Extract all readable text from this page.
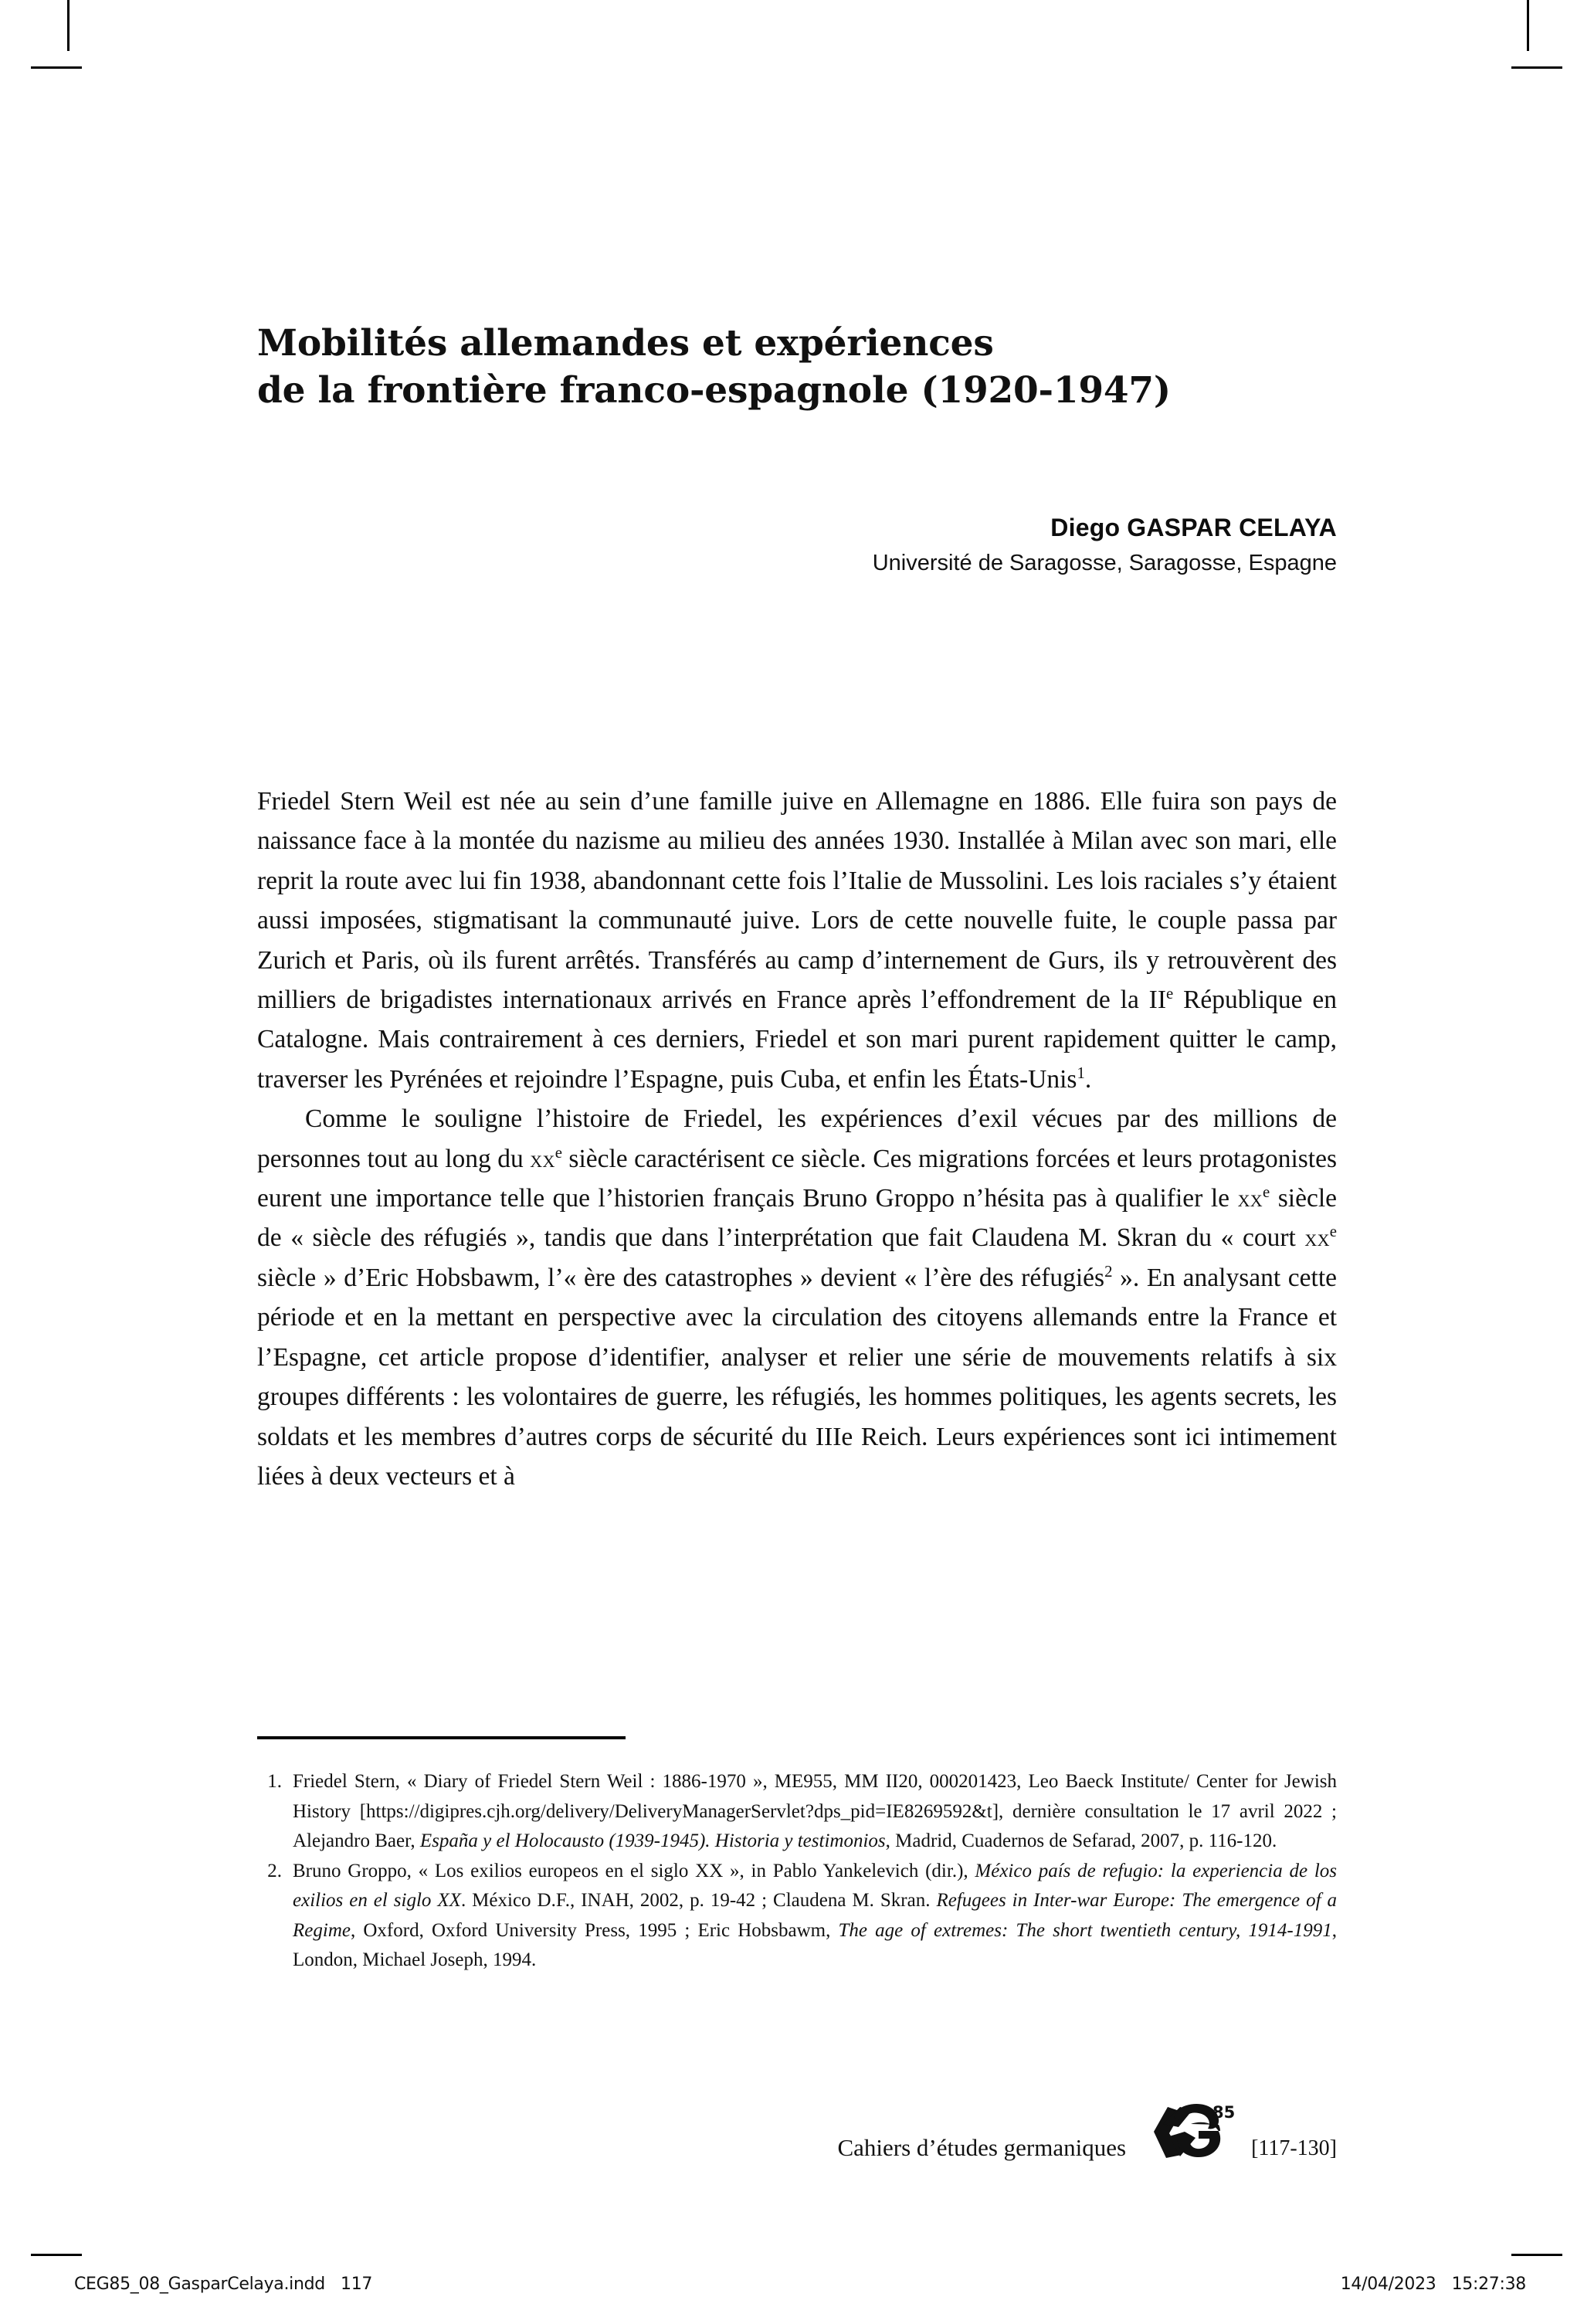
Mobilités allemandes et expériences
de la frontière franco-espagnole (1920-1947)
Diego GASPAR CELAYA
Université de Saragosse, Saragosse, Espagne

Friedel Stern Weil est née au sein d’une famille juive en Allemagne en 1886. Elle fuira son pays de naissance face à la montée du nazisme au milieu des années 1930. Installée à Milan avec son mari, elle reprit la route avec lui fin 1938, abandonnant cette fois l’Italie de Mussolini. Les lois raciales s’y étaient aussi imposées, stigmatisant la communauté juive. Lors de cette nouvelle fuite, le couple passa par Zurich et Paris, où ils furent arrêtés. Transférés au camp d’internement de Gurs, ils y retrouvèrent des milliers de brigadistes internationaux arrivés en France après l’effondrement de la IIe République en Catalogne. Mais contrairement à ces derniers, Friedel et son mari purent rapidement quitter le camp, traverser les Pyrénées et rejoindre l’Espagne, puis Cuba, et enfin les États-Unis$^1$.

Comme le souligne l’histoire de Friedel, les expériences d’exil vécues par des millions de personnes tout au long du $xx^e$ siècle caractérisent ce siècle. Ces migrations forcées et leurs protagonistes eurent une importance telle que l’historien français Bruno Groppo n’hésita pas à qualifier le $xx^e$ siècle de « siècle des réfugiés », tandis que dans l’interprétation que fait Claudena M. Skran du « court $xx^e$ siècle » d’Eric Hobsbawm, l’« ère des catastrophes » devient « l’ère des réfugiés$^2$ ». En analysant cette période et en la mettant en perspective avec la circulation des citoyens allemands entre la France et l’Espagne, cet article propose d’identifier, analyser et relier une série de mouvements relatifs à six groupes différents : les volontaires de guerre, les réfugiés, les hommes politiques, les agents secrets, les soldats et les membres d’autres corps de sécurité du IIIe Reich. Leurs expériences sont ici intimement liées à deux vecteurs et à

1. Friedel Stern, « Diary of Friedel Stern Weil : 1886-1970 », ME955, MM II20, 000201423, Leo Baeck Institute/ Center for Jewish History [https://digipres.cjh.org/delivery/DeliveryManagerServlet?dps_pid=IE8269592&t], dernière consultation le 17 avril 2022 ; Alejandro Baer, España y el Holocausto (1939-1945). Historia y testimonios, Madrid, Cuadernos de Sefarad, 2007, p. 116-120.
2. Bruno Groppo, « Los exilios europeos en el siglo XX », in Pablo Yankelevich (dir.), México país de refugio: la experiencia de los exilios en el siglo XX. México D.F., INAH, 2002, p. 19-42 ; Claudena M. Skran. Refugees in Inter-war Europe: The emergence of a Regime, Oxford, Oxford University Press, 1995 ; Eric Hobsbawm, The age of extremes: The short twentieth century, 1914-1991, London, Michael Joseph, 1994.
Cahiers d’études germaniques
85
[117-130]
CEG85_08_GasparCelaya.indd   117	14/04/2023   15:27:38
